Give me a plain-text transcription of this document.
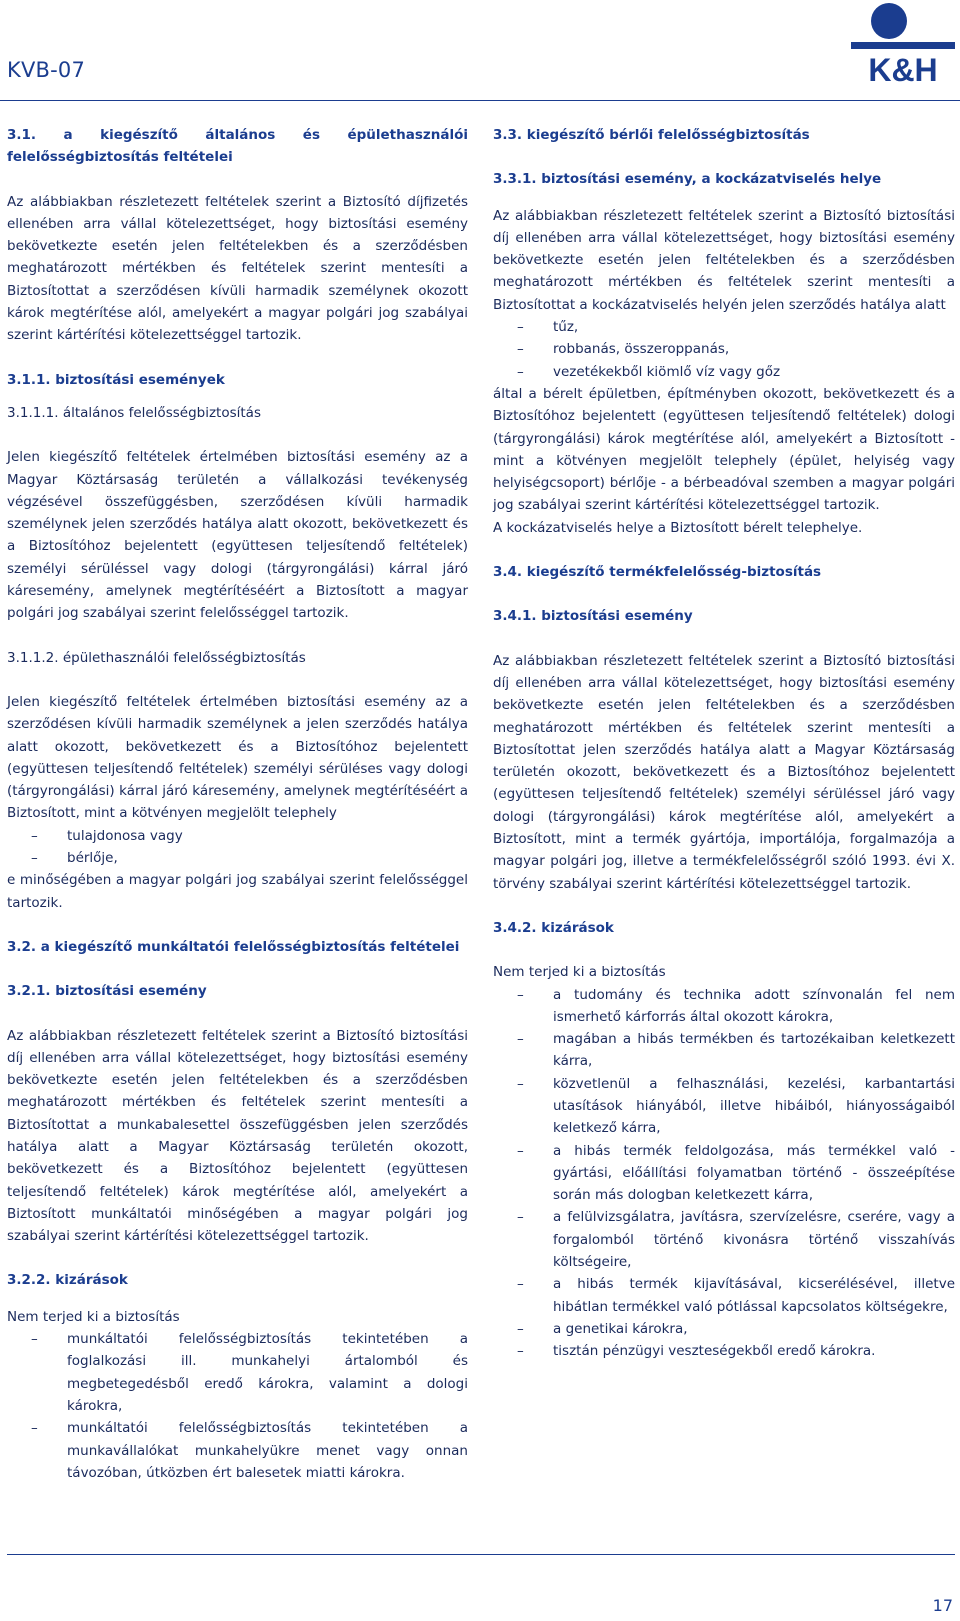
KVB-07	K&H

3.1. a kiegészítő általános és épülethasználói felelősségbiztosítás feltételei

Az alábbiakban részletezett feltételek szerint a Biztosító díjfizetés ellenében arra vállal kötelezettséget, hogy biztosítási esemény bekövetkezte esetén jelen feltételekben és a szerződésben meghatározott mértékben és feltételek szerint mentesíti a Biztosítottat a szerződésen kívüli harmadik személynek okozott károk megtérítése alól, amelyekért a magyar polgári jog szabályai szerint kártérítési kötelezettséggel tartozik.

3.1.1. biztosítási események

3.1.1.1. általános felelősségbiztosítás

Jelen kiegészítő feltételek értelmében biztosítási esemény az a Magyar Köztársaság területén a vállalkozási tevékenység végzésével összefüggésben, szerződésen kívüli harmadik személynek jelen szerződés hatálya alatt okozott, bekövetkezett és a Biztosítóhoz bejelentett (együttesen teljesítendő feltételek) személyi sérüléssel vagy dologi (tárgyrongálási) kárral járó káresemény, amelynek megtérítéséért a Biztosított a magyar polgári jog szabályai szerint felelősséggel tartozik.

3.1.1.2. épülethasználói felelősségbiztosítás

Jelen kiegészítő feltételek értelmében biztosítási esemény az a szerződésen kívüli harmadik személynek a jelen szerződés hatálya alatt okozott, bekövetkezett és a Biztosítóhoz bejelentett (együttesen teljesítendő feltételek) személyi sérüléses vagy dologi (tárgyrongálási) kárral járó káresemény, amelynek megtérítéséért a Biztosított, mint a kötvényen megjelölt telephely

– tulajdonosa vagy
– bérlője,

e minőségében a magyar polgári jog szabályai szerint felelősséggel tartozik.

3.2. a kiegészítő munkáltatói felelősségbiztosítás feltételei

3.2.1. biztosítási esemény

Az alábbiakban részletezett feltételek szerint a Biztosító biztosítási díj ellenében arra vállal kötelezettséget, hogy biztosítási esemény bekövetkezte esetén jelen feltételekben és a szerződésben meghatározott mértékben és feltételek szerint mentesíti a Biztosítottat a munkabalesettel összefüggésben jelen szerződés hatálya alatt a Magyar Köztársaság területén okozott, bekövetkezett és a Biztosítóhoz bejelentett (együttesen teljesítendő feltételek) károk megtérítése alól, amelyekért a Biztosított munkáltatói minőségében a magyar polgári jog szabályai szerint kártérítési kötelezettséggel tartozik.

3.2.2. kizárások

Nem terjed ki a biztosítás

– munkáltatói felelősségbiztosítás tekintetében a foglalkozási ill. munkahelyi ártalomból és megbetegedésből eredő károkra, valamint a dologi károkra,
– munkáltatói felelősségbiztosítás tekintetében a munkavállalókat munkahelyükre menet vagy onnan távozóban, útközben ért balesetek miatti károkra.

3.3. kiegészítő bérlői felelősségbiztosítás

3.3.1. biztosítási esemény, a kockázatviselés helye

Az alábbiakban részletezett feltételek szerint a Biztosító biztosítási díj ellenében arra vállal kötelezettséget, hogy biztosítási esemény bekövetkezte esetén jelen feltételekben és a szerződésben meghatározott mértékben és feltételek szerint mentesíti a Biztosítottat a kockázatviselés helyén jelen szerződés hatálya alatt

– tűz,
– robbanás, összeroppanás,
– vezetékekből kiömlő víz vagy gőz

által a bérelt épületben, építményben okozott, bekövetkezett és a Biztosítóhoz bejelentett (együttesen teljesítendő feltételek) dologi (tárgyrongálási) károk megtérítése alól, amelyekért a Biztosított - mint a kötvényen megjelölt telephely (épület, helyiség vagy helyiségcsoport) bérlője - a bérbeadóval szemben a magyar polgári jog szabályai szerint kártérítési kötelezettséggel tartozik.

A kockázatviselés helye a Biztosított bérelt telephelye.

3.4. kiegészítő termékfelelősség-biztosítás

3.4.1. biztosítási esemény

Az alábbiakban részletezett feltételek szerint a Biztosító biztosítási díj ellenében arra vállal kötelezettséget, hogy biztosítási esemény bekövetkezte esetén jelen feltételekben és a szerződésben meghatározott mértékben és feltételek szerint mentesíti a Biztosítottat jelen szerződés hatálya alatt a Magyar Köztársaság területén okozott, bekövetkezett és a Biztosítóhoz bejelentett (együttesen teljesítendő feltételek) személyi sérüléssel járó vagy dologi (tárgyrongálási) károk megtérítése alól, amelyekért a Biztosított, mint a termék gyártója, importálója, forgalmazója a magyar polgári jog, illetve a termékfelelősségről szóló 1993. évi X. törvény szabályai szerint kártérítési kötelezettséggel tartozik.

3.4.2. kizárások

Nem terjed ki a biztosítás

– a tudomány és technika adott színvonalán fel nem ismerhető kárforrás által okozott károkra,
– magában a hibás termékben és tartozékaiban keletkezett kárra,
– közvetlenül a felhasználási, kezelési, karbantartási utasítások hiányából, illetve hibáiból, hiányosságaiból keletkező kárra,
– a hibás termék feldolgozása, más termékkel való - gyártási, előállítási folyamatban történő - összeépítése során más dologban keletkezett kárra,
– a felülvizsgálatra, javításra, szervízelésre, cserére, vagy a forgalomból történő kivonásra történő visszahívás költségeire,
– a hibás termék kijavításával, kicserélésével, illetve hibátlan termékkel való pótlással kapcsolatos költségekre,
– a genetikai károkra,
– tisztán pénzügyi veszteségekből eredő károkra.
17
